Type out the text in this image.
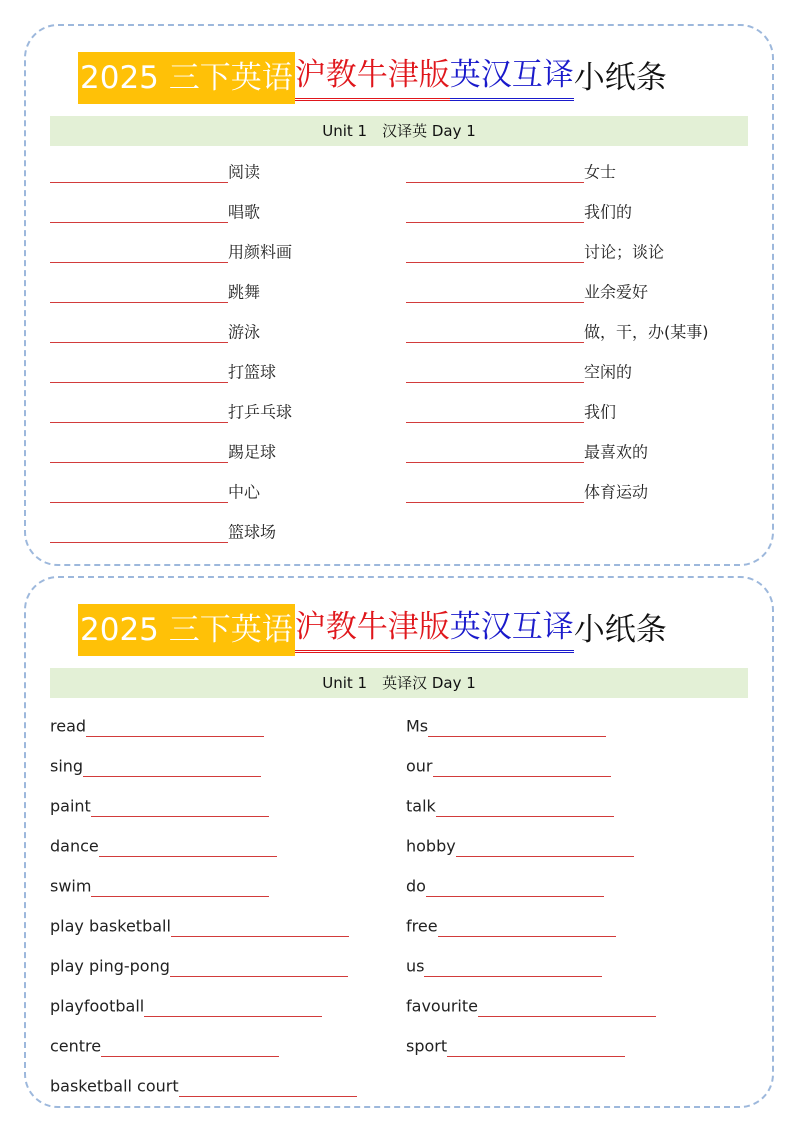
2025 三下英语沪教牛津版英汉互译小纸条
Unit 1　汉译英 Day 1
阅读
唱歌
用颜料画
跳舞
游泳
打篮球
打乒乓球
踢足球
中心
篮球场
女士
我们的
讨论；谈论
业余爱好
做，干，办(某事)
空闲的
我们
最喜欢的
体育运动
2025 三下英语沪教牛津版英汉互译小纸条
Unit 1　英译汉 Day 1
read
sing
paint
dance
swim
play basketball
play ping-pong
playfootball
centre
basketball court
Ms
our
talk
hobby
do
free
us
favourite
sport
